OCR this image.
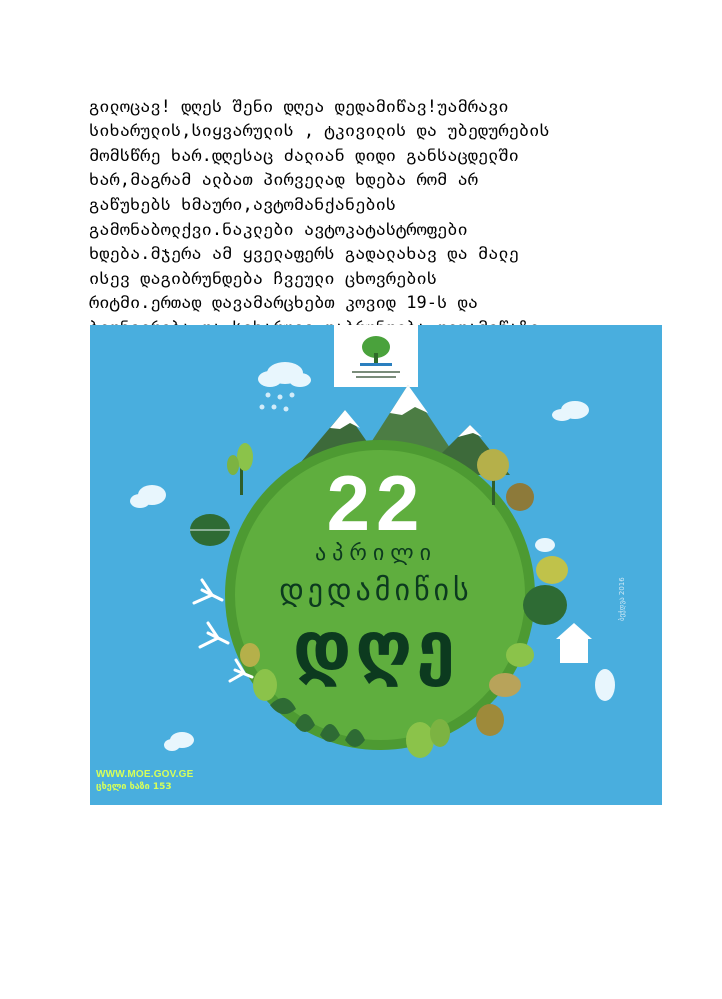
გილოცავ! დღეს შენი დღეა დედამიწავ!უამრავი
სიხარულის,სიყვარულის , ტკივილის და უბედურების
მომსწრე ხარ.დღესაც ძალიან დიდი განსაცდელში
ხარ,მაგრამ ალბათ პირველად ხდება რომ არ
გაწუხებს ხმაური,ავტომანქანების
გამონაბოლქვი.ნაკლები ავტოკატასტროფები
ხდება.მჯერა ამ ყველაფერს გადალახავ და მალე
ისევ დაგიბრუნდება ჩვეული ცხოვრების
რიტმი.ერთად დავამარცხებთ კოვიდ 19-ს და

22
აპრილი
დედამიწის
დღე
ბეჭდვა 2016
WWW.MOE.GOV.GE
ცხელი ხაზი 153
